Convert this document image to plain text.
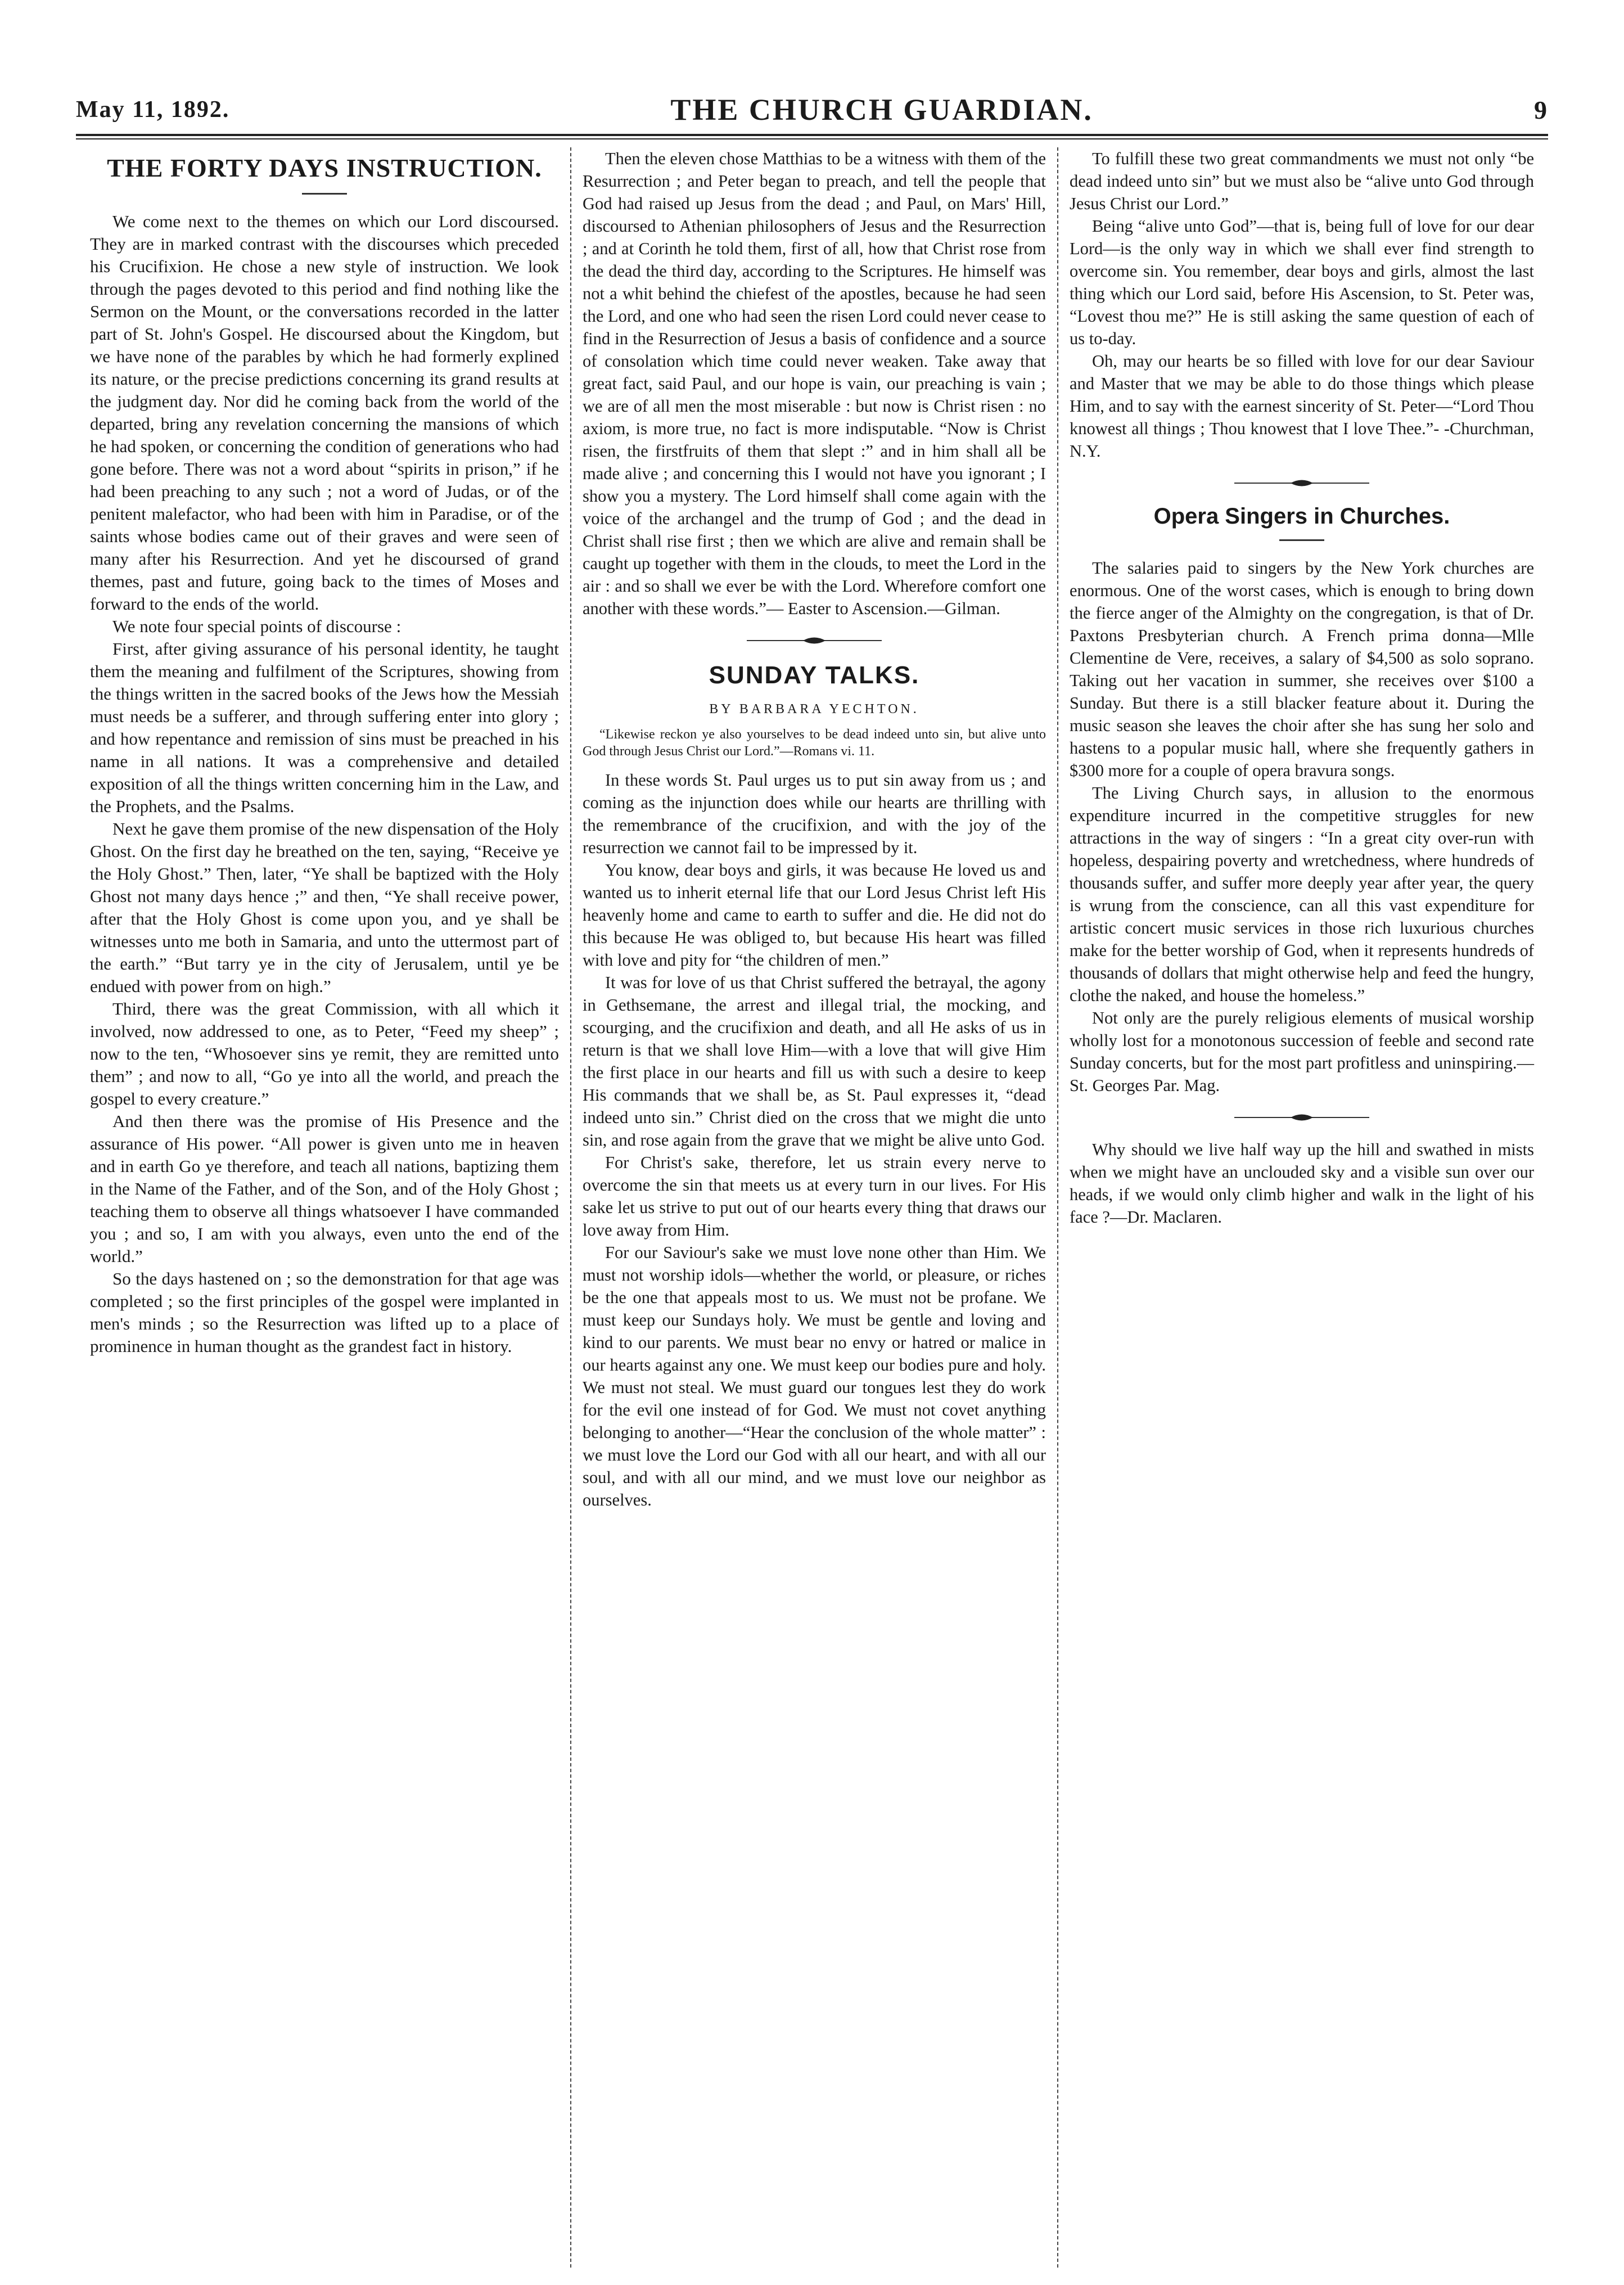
May 11, 1892.	THE CHURCH GUARDIAN.	9
THE FORTY DAYS INSTRUCTION.

We come next to the themes on which our Lord discoursed. They are in marked contrast with the discourses which preceded his Crucifixion. He chose a new style of instruction. We look through the pages devoted to this period and find nothing like the Sermon on the Mount, or the conversations recorded in the latter part of St. John's Gospel. He discoursed about the Kingdom, but we have none of the parables by which he had formerly explined its nature, or the precise predictions concerning its grand results at the judgment day. Nor did he coming back from the world of the departed, bring any revelation concerning the mansions of which he had spoken, or concerning the condition of generations who had gone before. There was not a word about “spirits in prison,” if he had been preaching to any such ; not a word of Judas, or of the penitent malefactor, who had been with him in Paradise, or of the saints whose bodies came out of their graves and were seen of many after his Resurrection. And yet he discoursed of grand themes, past and future, going back to the times of Moses and forward to the ends of the world.

We note four special points of discourse :

First, after giving assurance of his personal identity, he taught them the meaning and fulfilment of the Scriptures, showing from the things written in the sacred books of the Jews how the Messiah must needs be a sufferer, and through suffering enter into glory ; and how repentance and remission of sins must be preached in his name in all nations. It was a comprehensive and detailed exposition of all the things written concerning him in the Law, and the Prophets, and the Psalms.

Next he gave them promise of the new dispensation of the Holy Ghost. On the first day he breathed on the ten, saying, “Receive ye the Holy Ghost.” Then, later, “Ye shall be baptized with the Holy Ghost not many days hence ;” and then, “Ye shall receive power, after that the Holy Ghost is come upon you, and ye shall be witnesses unto me both in Samaria, and unto the uttermost part of the earth.” “But tarry ye in the city of Jerusalem, until ye be endued with power from on high.”

Third, there was the great Commission, with all which it involved, now addressed to one, as to Peter, “Feed my sheep” ; now to the ten, “Whosoever sins ye remit, they are remitted unto them” ; and now to all, “Go ye into all the world, and preach the gospel to every creature.”

And then there was the promise of His Presence and the assurance of His power. “All power is given unto me in heaven and in earth Go ye therefore, and teach all nations, baptizing them in the Name of the Father, and of the Son, and of the Holy Ghost ; teaching them to observe all things whatsoever I have commanded you ; and so, I am with you always, even unto the end of the world.”

So the days hastened on ; so the demonstration for that age was completed ; so the first principles of the gospel were implanted in men's minds ; so the Resurrection was lifted up to a place of prominence in human thought as the grandest fact in history.

Then the eleven chose Matthias to be a witness with them of the Resurrection ; and Peter began to preach, and tell the people that God had raised up Jesus from the dead ; and Paul, on Mars' Hill, discoursed to Athenian philosophers of Jesus and the Resurrection ; and at Corinth he told them, first of all, how that Christ rose from the dead the third day, according to the Scriptures. He himself was not a whit behind the chiefest of the apostles, because he had seen the Lord, and one who had seen the risen Lord could never cease to find in the Resurrection of Jesus a basis of confidence and a source of consolation which time could never weaken. Take away that great fact, said Paul, and our hope is vain, our preaching is vain ; we are of all men the most miserable : but now is Christ risen : no axiom, is more true, no fact is more indisputable. “Now is Christ risen, the firstfruits of them that slept :” and in him shall all be made alive ; and concerning this I would not have you ignorant ; I show you a mystery. The Lord himself shall come again with the voice of the archangel and the trump of God ; and the dead in Christ shall rise first ; then we which are alive and remain shall be caught up together with them in the clouds, to meet the Lord in the air : and so shall we ever be with the Lord. Wherefore comfort one another with these words.”— Easter to Ascension.—Gilman.

SUNDAY TALKS.
BY BARBARA YECHTON.
“Likewise reckon ye also yourselves to be dead indeed unto sin, but alive unto God through Jesus Christ our Lord.”—Romans vi. 11.

In these words St. Paul urges us to put sin away from us ; and coming as the injunction does while our hearts are thrilling with the remembrance of the crucifixion, and with the joy of the resurrection we cannot fail to be impressed by it.

You know, dear boys and girls, it was because He loved us and wanted us to inherit eternal life that our Lord Jesus Christ left His heavenly home and came to earth to suffer and die. He did not do this because He was obliged to, but because His heart was filled with love and pity for “the children of men.”

It was for love of us that Christ suffered the betrayal, the agony in Gethsemane, the arrest and illegal trial, the mocking, and scourging, and the crucifixion and death, and all He asks of us in return is that we shall love Him—with a love that will give Him the first place in our hearts and fill us with such a desire to keep His commands that we shall be, as St. Paul expresses it, “dead indeed unto sin.” Christ died on the cross that we might die unto sin, and rose again from the grave that we might be alive unto God.

For Christ's sake, therefore, let us strain every nerve to overcome the sin that meets us at every turn in our lives. For His sake let us strive to put out of our hearts every thing that draws our love away from Him.

For our Saviour's sake we must love none other than Him. We must not worship idols—whether the world, or pleasure, or riches be the one that appeals most to us. We must not be profane. We must keep our Sundays holy. We must be gentle and loving and kind to our parents. We must bear no envy or hatred or malice in our hearts against any one. We must keep our bodies pure and holy. We must not steal. We must guard our tongues lest they do work for the evil one instead of for God. We must not covet anything belonging to another—“Hear the conclusion of the whole matter” : we must love the Lord our God with all our heart, and with all our soul, and with all our mind, and we must love our neighbor as ourselves.

To fulfill these two great commandments we must not only “be dead indeed unto sin” but we must also be “alive unto God through Jesus Christ our Lord.”

Being “alive unto God”—that is, being full of love for our dear Lord—is the only way in which we shall ever find strength to overcome sin. You remember, dear boys and girls, almost the last thing which our Lord said, before His Ascension, to St. Peter was, “Lovest thou me?” He is still asking the same question of each of us to-day.

Oh, may our hearts be so filled with love for our dear Saviour and Master that we may be able to do those things which please Him, and to say with the earnest sincerity of St. Peter—“Lord Thou knowest all things ; Thou knowest that I love Thee.”- -Churchman, N.Y.

Opera Singers in Churches.

The salaries paid to singers by the New York churches are enormous. One of the worst cases, which is enough to bring down the fierce anger of the Almighty on the congregation, is that of Dr. Paxtons Presbyterian church. A French prima donna—Mlle Clementine de Vere, receives, a salary of $4,500 as solo soprano. Taking out her vacation in summer, she receives over $100 a Sunday. But there is a still blacker feature about it. During the music season she leaves the choir after she has sung her solo and hastens to a popular music hall, where she frequently gathers in $300 more for a couple of opera bravura songs.

The Living Church says, in allusion to the enormous expenditure incurred in the competitive struggles for new attractions in the way of singers : “In a great city over-run with hopeless, despairing poverty and wretchedness, where hundreds of thousands suffer, and suffer more deeply year after year, the query is wrung from the conscience, can all this vast expenditure for artistic concert music services in those rich luxurious churches make for the better worship of God, when it represents hundreds of thousands of dollars that might otherwise help and feed the hungry, clothe the naked, and house the homeless.”

Not only are the purely religious elements of musical worship wholly lost for a monotonous succession of feeble and second rate Sunday concerts, but for the most part profitless and uninspiring.—St. Georges Par. Mag.

Why should we live half way up the hill and swathed in mists when we might have an unclouded sky and a visible sun over our heads, if we would only climb higher and walk in the light of his face ?—Dr. Maclaren.
